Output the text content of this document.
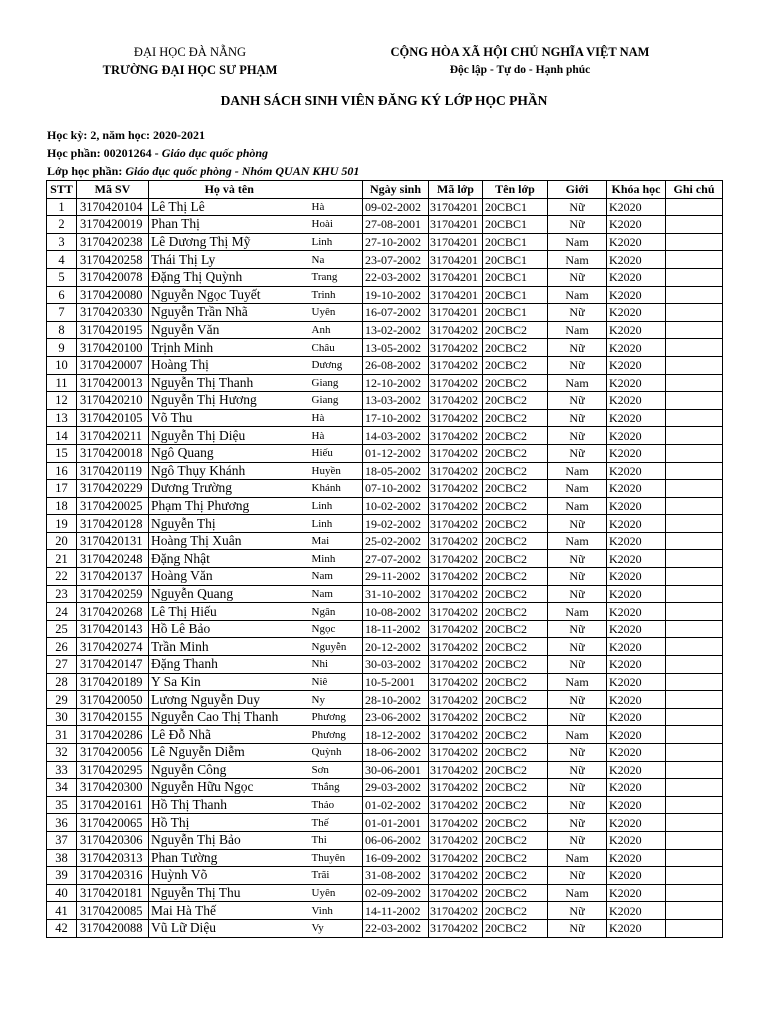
ĐẠI HỌC ĐÀ NẴNG
TRƯỜNG ĐẠI HỌC SƯ PHẠM
CỘNG HÒA XÃ HỘI CHỦ NGHĨA VIỆT NAM
Độc lập - Tự do - Hạnh phúc
DANH SÁCH SINH VIÊN ĐĂNG KÝ LỚP HỌC PHẦN
Học kỳ: 2, năm học: 2020-2021
Học phần: 00201264 - Giáo dục quốc phòng
Lớp học phần: Giáo dục quốc phòng - Nhóm QUAN KHU 501
STT	Mã SV	Họ và tên		Ngày sinh	Mã lớp	Tên lớp	Giới	Khóa học	Ghi chú
1	3170420104	Lê Thị Lê	Hà	09-02-2002	31704201	20CBC1	Nữ	K2020	
2	3170420019	Phan Thị	Hoài	27-08-2001	31704201	20CBC1	Nữ	K2020	
3	3170420238	Lê Dương Thị Mỹ	Linh	27-10-2002	31704201	20CBC1	Nam	K2020	
4	3170420258	Thái Thị Ly	Na	23-07-2002	31704201	20CBC1	Nam	K2020	
5	3170420078	Đặng Thị Quỳnh	Trang	22-03-2002	31704201	20CBC1	Nữ	K2020	
6	3170420080	Nguyễn Ngọc Tuyết	Trinh	19-10-2002	31704201	20CBC1	Nam	K2020	
7	3170420330	Nguyễn Trần Nhã	Uyên	16-07-2002	31704201	20CBC1	Nữ	K2020	
8	3170420195	Nguyễn Văn	Anh	13-02-2002	31704202	20CBC2	Nam	K2020	
9	3170420100	Trịnh Minh	Châu	13-05-2002	31704202	20CBC2	Nữ	K2020	
10	3170420007	Hoàng Thị	Dương	26-08-2002	31704202	20CBC2	Nữ	K2020	
11	3170420013	Nguyễn Thị Thanh	Giang	12-10-2002	31704202	20CBC2	Nam	K2020	
12	3170420210	Nguyễn Thị Hương	Giang	13-03-2002	31704202	20CBC2	Nữ	K2020	
13	3170420105	Võ Thu	Hà	17-10-2002	31704202	20CBC2	Nữ	K2020	
14	3170420211	Nguyễn Thị Diệu	Hà	14-03-2002	31704202	20CBC2	Nữ	K2020	
15	3170420018	Ngô Quang	Hiếu	01-12-2002	31704202	20CBC2	Nữ	K2020	
16	3170420119	Ngô Thụy Khánh	Huyền	18-05-2002	31704202	20CBC2	Nam	K2020	
17	3170420229	Dương Trường	Khánh	07-10-2002	31704202	20CBC2	Nam	K2020	
18	3170420025	Phạm Thị Phương	Linh	10-02-2002	31704202	20CBC2	Nam	K2020	
19	3170420128	Nguyễn Thị	Linh	19-02-2002	31704202	20CBC2	Nữ	K2020	
20	3170420131	Hoàng Thị Xuân	Mai	25-02-2002	31704202	20CBC2	Nam	K2020	
21	3170420248	Đặng Nhật	Minh	27-07-2002	31704202	20CBC2	Nữ	K2020	
22	3170420137	Hoàng Văn	Nam	29-11-2002	31704202	20CBC2	Nữ	K2020	
23	3170420259	Nguyễn Quang	Nam	31-10-2002	31704202	20CBC2	Nữ	K2020	
24	3170420268	Lê Thị Hiếu	Ngân	10-08-2002	31704202	20CBC2	Nam	K2020	
25	3170420143	Hồ Lê Bảo	Ngọc	18-11-2002	31704202	20CBC2	Nữ	K2020	
26	3170420274	Trần Minh	Nguyễn	20-12-2002	31704202	20CBC2	Nữ	K2020	
27	3170420147	Đặng Thanh	Nhi	30-03-2002	31704202	20CBC2	Nữ	K2020	
28	3170420189	Y Sa Kin	Niê	10-5-2001	31704202	20CBC2	Nam	K2020	
29	3170420050	Lương Nguyễn Duy	Ny	28-10-2002	31704202	20CBC2	Nữ	K2020	
30	3170420155	Nguyễn Cao Thị Thanh	Phương	23-06-2002	31704202	20CBC2	Nữ	K2020	
31	3170420286	Lê Đỗ Nhã	Phương	18-12-2002	31704202	20CBC2	Nam	K2020	
32	3170420056	Lê Nguyễn Diễm	Quỳnh	18-06-2002	31704202	20CBC2	Nữ	K2020	
33	3170420295	Nguyễn Công	Sơn	30-06-2001	31704202	20CBC2	Nữ	K2020	
34	3170420300	Nguyễn Hữu Ngọc	Thắng	29-03-2002	31704202	20CBC2	Nữ	K2020	
35	3170420161	Hồ Thị Thanh	Thảo	01-02-2002	31704202	20CBC2	Nữ	K2020	
36	3170420065	Hồ Thị	Thế	01-01-2001	31704202	20CBC2	Nữ	K2020	
37	3170420306	Nguyễn Thị Bảo	Thi	06-06-2002	31704202	20CBC2	Nữ	K2020	
38	3170420313	Phan Tường	Thuyên	16-09-2002	31704202	20CBC2	Nam	K2020	
39	3170420316	Huỳnh Võ	Trãi	31-08-2002	31704202	20CBC2	Nữ	K2020	
40	3170420181	Nguyễn Thị Thu	Uyên	02-09-2002	31704202	20CBC2	Nam	K2020	
41	3170420085	Mai Hà Thế	Vinh	14-11-2002	31704202	20CBC2	Nữ	K2020	
42	3170420088	Vũ Lữ Diệu	Vy	22-03-2002	31704202	20CBC2	Nữ	K2020	
